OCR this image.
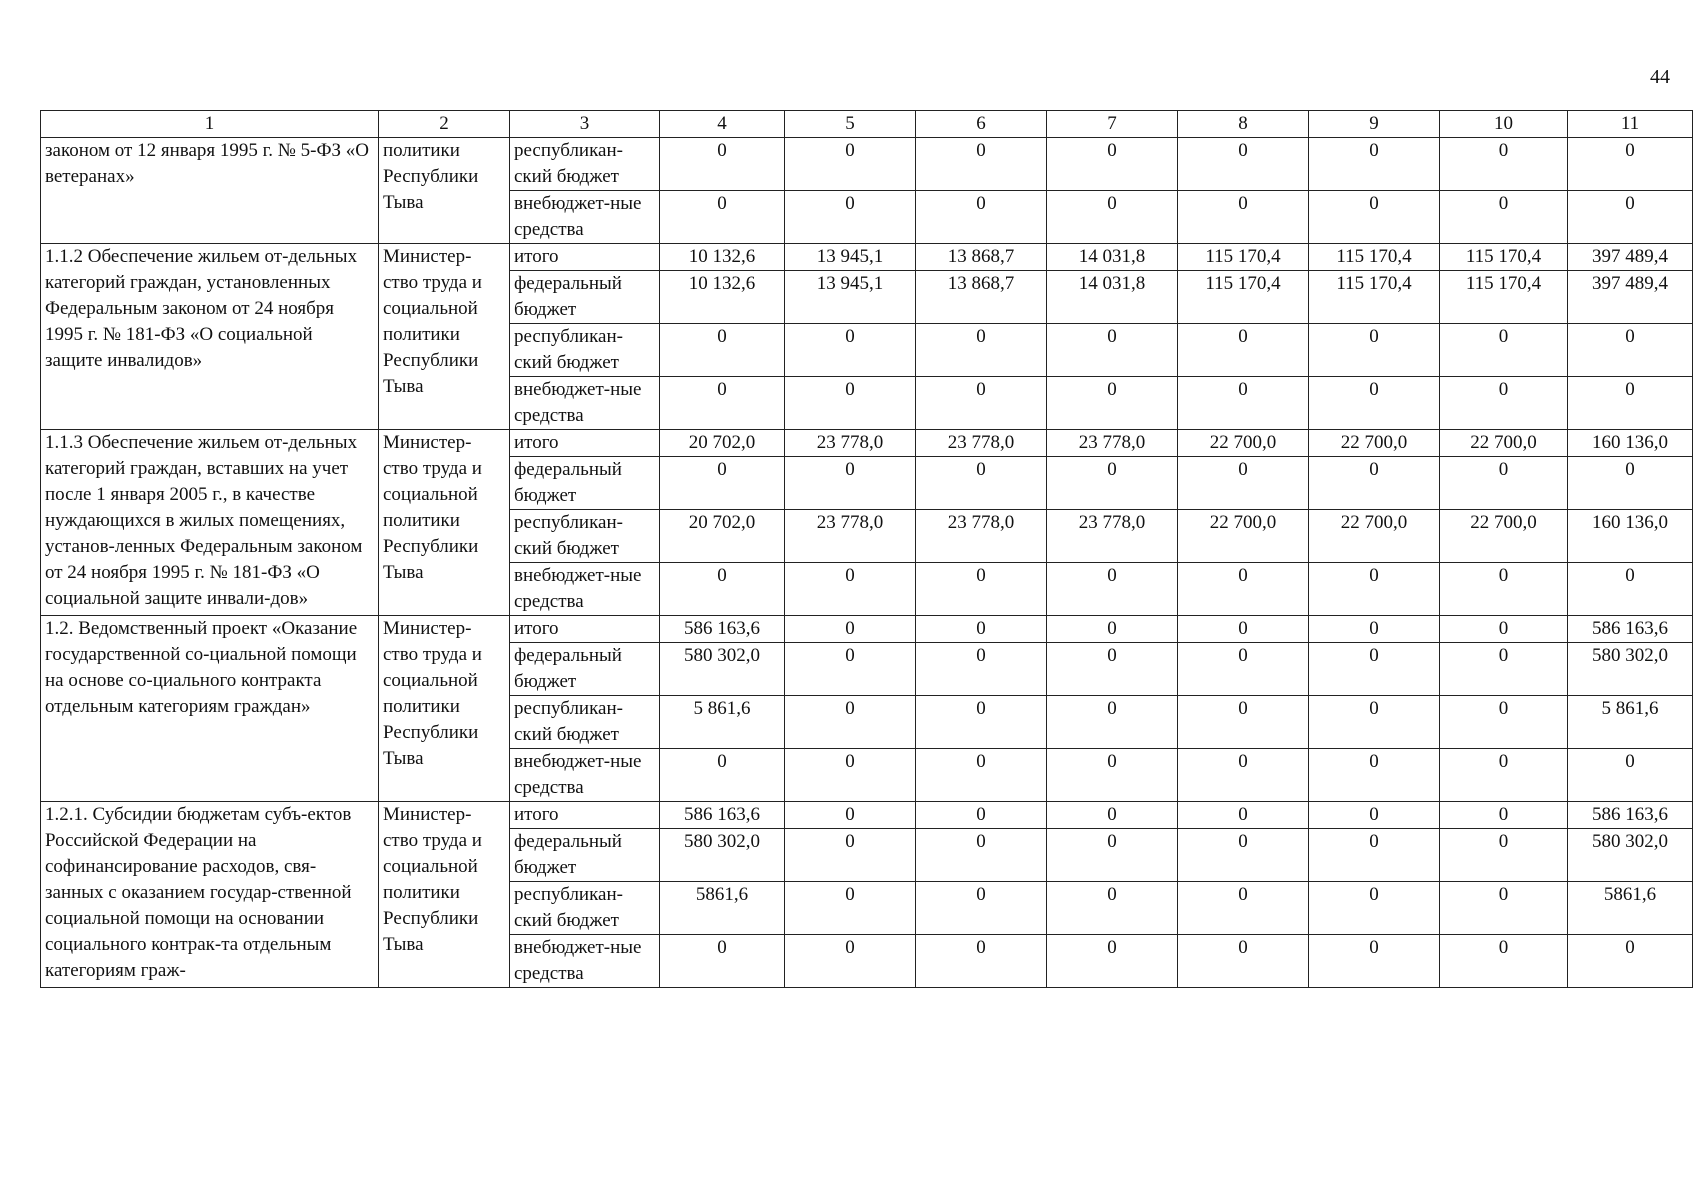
44
1	2	3	4	5	6	7	8	9	10	11
законом от 12 января 1995 г. № 5-ФЗ «О ветеранах»	политики Республики Тыва	республикан-ский бюджет	0	0	0	0	0	0	0	0
		внебюджет-ные средства	0	0	0	0	0	0	0	0
1.1.2 Обеспечение жильем от-дельных категорий граждан, установленных Федеральным законом от 24 ноября 1995 г. № 181-ФЗ «О социальной защите инвалидов»	Министер-ство труда и социальной политики Республики Тыва	итого	10 132,6	13 945,1	13 868,7	14 031,8	115 170,4	115 170,4	115 170,4	397 489,4
		федеральный бюджет	10 132,6	13 945,1	13 868,7	14 031,8	115 170,4	115 170,4	115 170,4	397 489,4
		республикан-ский бюджет	0	0	0	0	0	0	0	0
		внебюджет-ные средства	0	0	0	0	0	0	0	0
1.1.3 Обеспечение жильем от-дельных категорий граждан, вставших на учет после 1 января 2005 г., в качестве нуждающихся в жилых помещениях, установ-ленных Федеральным законом от 24 ноября 1995 г. № 181-ФЗ «О социальной защите инвали-дов»	Министер-ство труда и социальной политики Республики Тыва	итого	20 702,0	23 778,0	23 778,0	23 778,0	22 700,0	22 700,0	22 700,0	160 136,0
		федеральный бюджет	0	0	0	0	0	0	0	0
		республикан-ский бюджет	20 702,0	23 778,0	23 778,0	23 778,0	22 700,0	22 700,0	22 700,0	160 136,0
		внебюджет-ные средства	0	0	0	0	0	0	0	0
1.2. Ведомственный проект «Оказание государственной со-циальной помощи на основе со-циального контракта отдельным категориям граждан»	Министер-ство труда и социальной политики Республики Тыва	итого	586 163,6	0	0	0	0	0	0	586 163,6
		федеральный бюджет	580 302,0	0	0	0	0	0	0	580 302,0
		республикан-ский бюджет	5 861,6	0	0	0	0	0	0	5 861,6
		внебюджет-ные средства	0	0	0	0	0	0	0	0
1.2.1. Субсидии бюджетам субъ-ектов Российской Федерации на софинансирование расходов, свя-занных с оказанием государ-ственной социальной помощи на основании социального контрак-та отдельным категориям граж-	Министер-ство труда и социальной политики Республики Тыва	итого	586 163,6	0	0	0	0	0	0	586 163,6
		федеральный бюджет	580 302,0	0	0	0	0	0	0	580 302,0
		республикан-ский бюджет	5861,6	0	0	0	0	0	0	5861,6
		внебюджет-ные средства	0	0	0	0	0	0	0	0
